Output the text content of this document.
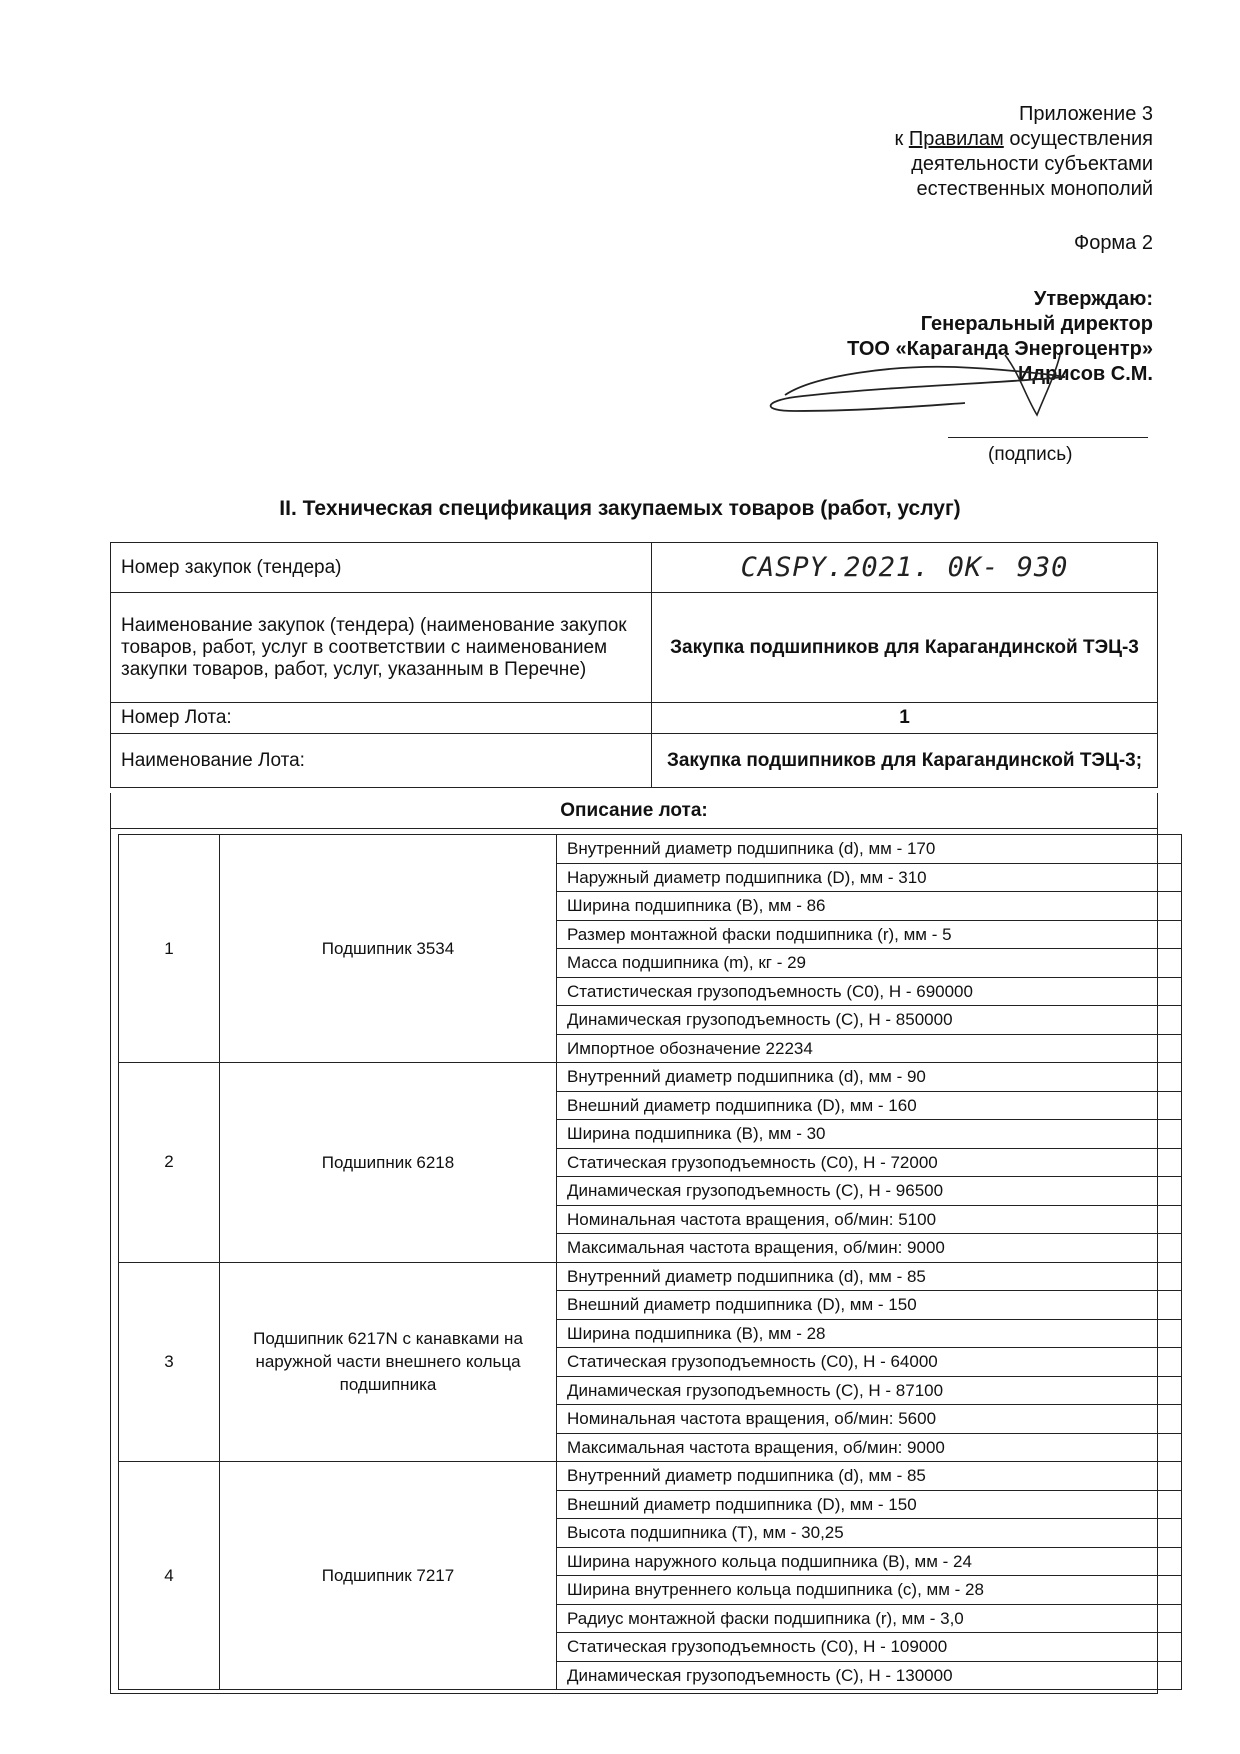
Приложение 3
к Правилам осуществления
деятельности субъектами
естественных монополий
Форма 2
Утверждаю:
Генеральный директор
ТОО «Караганда Энергоцентр»
Идрисов С.М.
(подпись)
II. Техническая спецификация закупаемых товаров (работ, услуг)
Номер закупок (тендера)	CASPY.2021. 0K- 930
Наименование закупок (тендера) (наименование закупок товаров, работ, услуг в соответствии с наименованием закупки товаров, работ, услуг, указанным в Перечне)	Закупка подшипников для Карагандинской ТЭЦ-3
Номер Лота:	1
Наименование Лота:	Закупка подшипников для Карагандинской ТЭЦ-3;
Описание лота:
1	Подшипник 3534	Внутренний диаметр подшипника (d), мм - 170
		Наружный диаметр подшипника (D), мм - 310
		Ширина подшипника (B), мм - 86
		Размер монтажной фаски подшипника (r), мм - 5
		Масса подшипника (m), кг - 29
		Статистическая грузоподъемность (C0), Н - 690000
		Динамическая грузоподъемность (C), Н - 850000
		Импортное обозначение 22234
2	Подшипник 6218	Внутренний диаметр подшипника (d), мм - 90
		Внешний диаметр подшипника (D), мм - 160
		Ширина подшипника (B), мм - 30
		Статическая грузоподъемность (C0), Н - 72000
		Динамическая грузоподъемность (C), Н - 96500
		Номинальная частота вращения, об/мин: 5100
		Максимальная частота вращения, об/мин: 9000
3	Подшипник 6217N с канавками на наружной части внешнего кольца подшипника	Внутренний диаметр подшипника (d), мм - 85
		Внешний диаметр подшипника (D), мм - 150
		Ширина подшипника (B), мм - 28
		Статическая грузоподъемность (C0), Н - 64000
		Динамическая грузоподъемность (C), Н - 87100
		Номинальная частота вращения, об/мин: 5600
		Максимальная частота вращения, об/мин: 9000
4	Подшипник 7217	Внутренний диаметр подшипника (d), мм - 85
		Внешний диаметр подшипника (D), мм - 150
		Высота подшипника (T), мм - 30,25
		Ширина наружного кольца подшипника (B), мм - 24
		Ширина внутреннего кольца подшипника (c), мм - 28
		Радиус монтажной фаски подшипника (r), мм - 3,0
		Статическая грузоподъемность (C0), Н - 109000
		Динамическая грузоподъемность (C), Н - 130000
